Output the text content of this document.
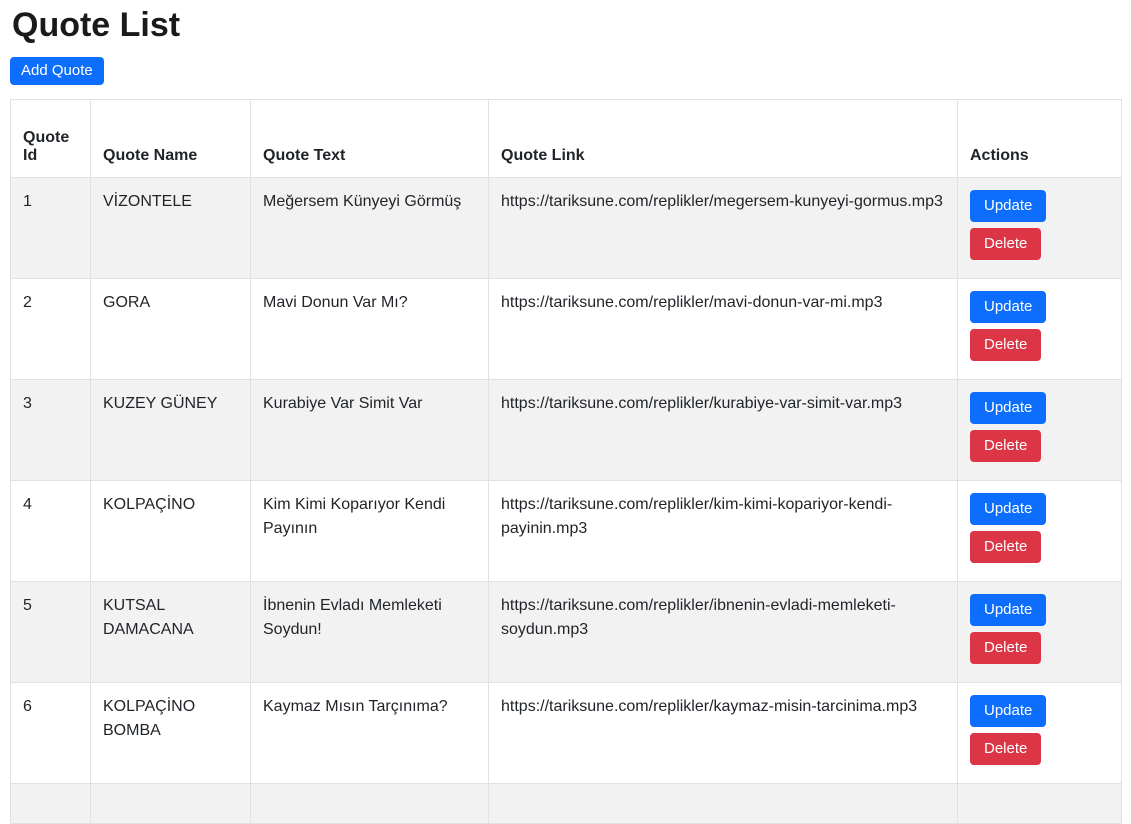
Quote List
Add Quote
Quote Id	Quote Name	Quote Text	Quote Link	Actions
1	VİZONTELE	Meğersem Künyeyi Görmüş	https://tariksune.com/replikler/megersem-kunyeyi-gormus.mp3	Update
Delete

2	GORA	Mavi Donun Var Mı?	https://tariksune.com/replikler/mavi-donun-var-mi.mp3	Update
Delete

3	KUZEY GÜNEY	Kurabiye Var Simit Var	https://tariksune.com/replikler/kurabiye-var-simit-var.mp3	Update
Delete

4	KOLPAÇİNO	Kim Kimi Koparıyor Kendi Payının	https://tariksune.com/replikler/kim-kimi-kopariyor-kendi-payinin.mp3	Update
Delete

5	KUTSAL DAMACANA	İbnenin Evladı Memleketi Soydun!	https://tariksune.com/replikler/ibnenin-evladi-memleketi-soydun.mp3	Update
Delete

6	KOLPAÇİNO BOMBA	Kaymaz Mısın Tarçınıma?	https://tariksune.com/replikler/kaymaz-misin-tarcinima.mp3	Update
Delete
